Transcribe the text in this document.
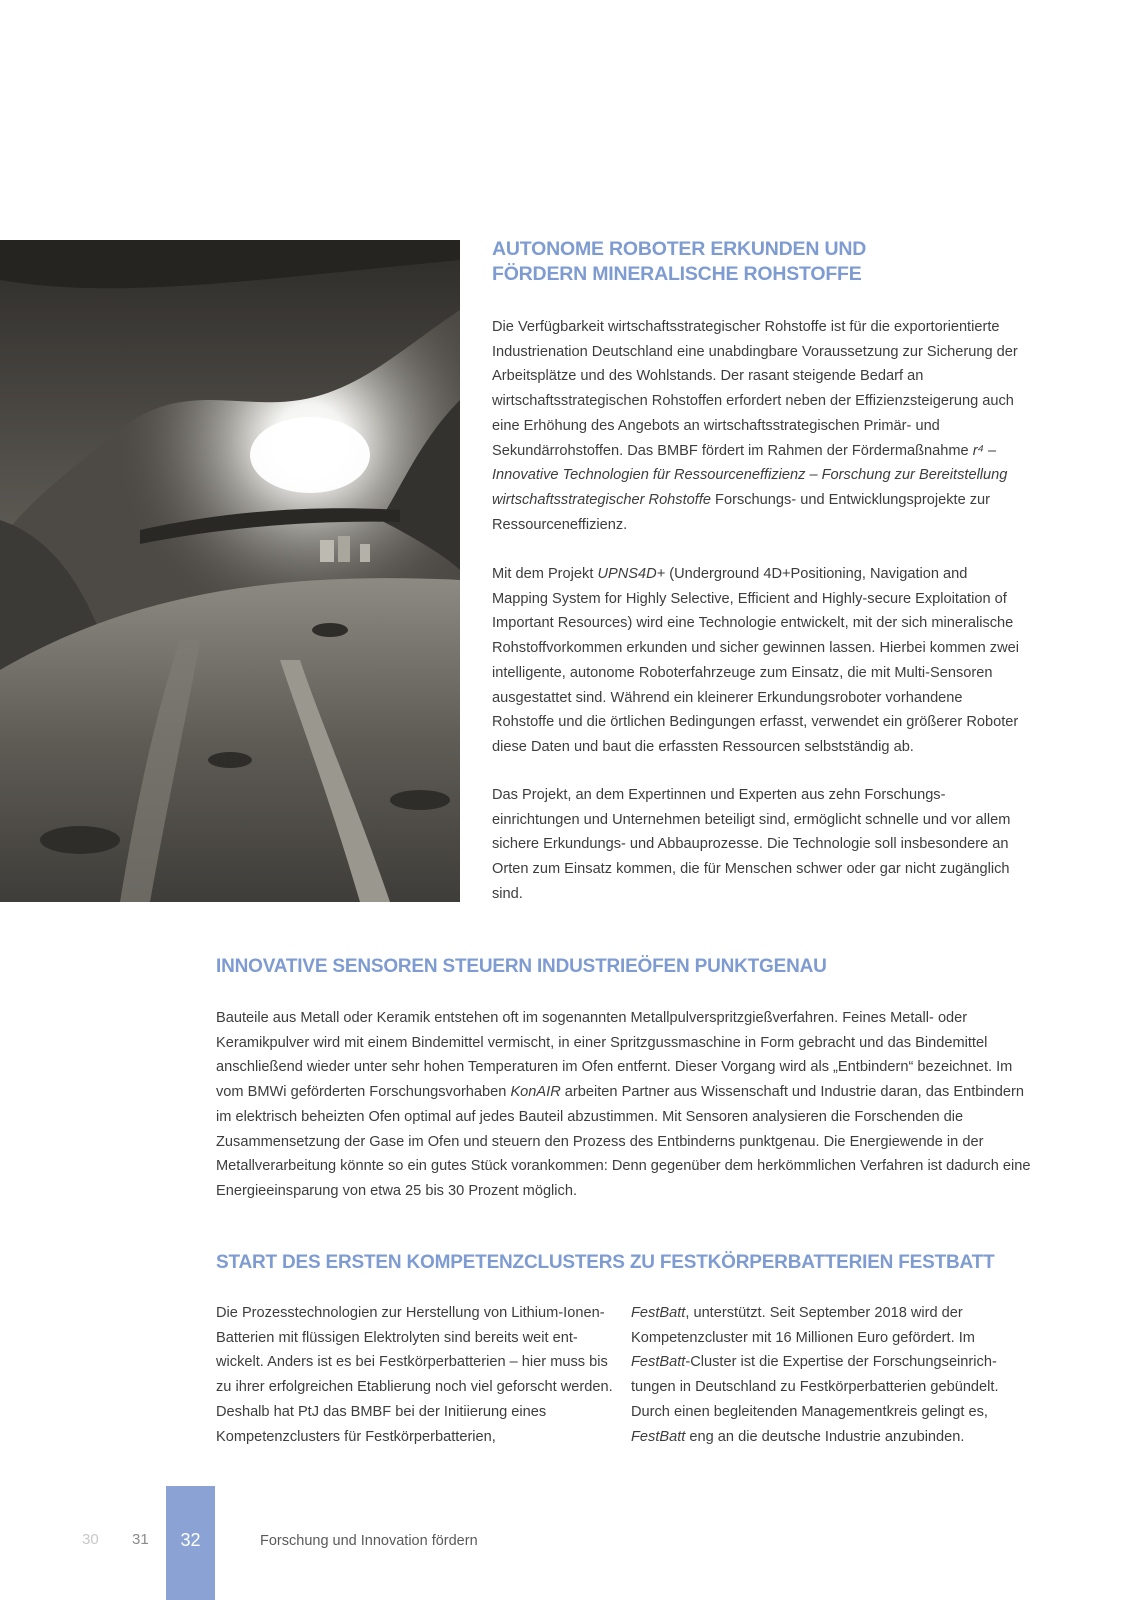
AUTONOME ROBOTER ERKUNDEN UND
FÖRDERN MINERALISCHE ROHSTOFFE

Die Verfügbarkeit wirtschaftsstrategischer Rohstoffe ist für die exportorientierte Industrienation Deutschland eine unabdingbare Voraussetzung zur Sicherung der Arbeitsplätze und des Wohlstands. Der rasant steigende Bedarf an wirtschaftsstrategischen Rohstoffen erfordert neben der Effizienzsteigerung auch eine Erhöhung des Angebots an wirtschaftsstrategischen Primär- und Sekundärrohstoffen. Das BMBF fördert im Rahmen der Fördermaßnahme r⁴ – Innovative Technologien für Ressourceneffizienz – Forschung zur Bereitstellung wirtschaftsstrategischer Rohstoffe Forschungs- und Entwicklungsprojekte zur Ressourceneffizienz.

Mit dem Projekt UPNS4D+ (Underground 4D+Positioning, Navigation and Mapping System for Highly Selective, Efficient and Highly-secure Exploitation of Important Resources) wird eine Technologie entwickelt, mit der sich mineralische Rohstoffvorkommen erkunden und sicher gewinnen lassen. Hierbei kommen zwei intelligente, autonome Roboterfahrzeuge zum Einsatz, die mit Multi-Sensoren ausgestattet sind. Während ein kleinerer Erkundungsroboter vorhandene Rohstoffe und die örtlichen Bedingungen erfasst, verwendet ein größerer Roboter diese Daten und baut die erfassten Ressourcen selbstständig ab.

Das Projekt, an dem Expertinnen und Experten aus zehn Forschungseinrichtungen und Unternehmen beteiligt sind, ermöglicht schnelle und vor allem sichere Erkundungs- und Abbauprozesse. Die Technologie soll insbesondere an Orten zum Einsatz kommen, die für Menschen schwer oder gar nicht zugänglich sind.

INNOVATIVE SENSOREN STEUERN INDUSTRIEÖFEN PUNKTGENAU

Bauteile aus Metall oder Keramik entstehen oft im sogenannten Metallpulverspritzgießverfahren. Feines Metall- oder Keramikpulver wird mit einem Bindemittel vermischt, in einer Spritzgussmaschine in Form gebracht und das Bindemittel anschließend wieder unter sehr hohen Temperaturen im Ofen entfernt. Dieser Vorgang wird als „Entbindern“ bezeichnet. Im vom BMWi geförderten Forschungsvorhaben KonAIR arbeiten Partner aus Wissenschaft und Industrie daran, das Entbindern im elektrisch beheizten Ofen optimal auf jedes Bauteil abzustimmen. Mit Sensoren analysieren die Forschenden die Zusammensetzung der Gase im Ofen und steuern den Prozess des Entbinderns punktgenau. Die Energiewende in der Metallverarbeitung könnte so ein gutes Stück vorankommen: Denn gegenüber dem herkömmlichen Verfahren ist dadurch eine Energieeinsparung von etwa 25 bis 30 Prozent möglich.

START DES ERSTEN KOMPETENZCLUSTERS ZU FESTKÖRPERBATTERIEN FESTBATT

Die Prozesstechnologien zur Herstellung von Lithium-Ionen-Batterien mit flüssigen Elektrolyten sind bereits weit entwickelt. Anders ist es bei Festkörperbatterien – hier muss bis zu ihrer erfolgreichen Etablierung noch viel geforscht werden. Deshalb hat PtJ das BMBF bei der Initiierung eines Kompetenzclusters für Festkörperbatterien,

FestBatt, unterstützt. Seit September 2018 wird der Kompetenzcluster mit 16 Millionen Euro gefördert. Im FestBatt-Cluster ist die Expertise der Forschungseinrichtungen in Deutschland zu Festkörperbatterien gebündelt. Durch einen begleitenden Managementkreis gelingt es, FestBatt eng an die deutsche Industrie anzubinden.

30 31	32	Forschung und Innovation fördern
